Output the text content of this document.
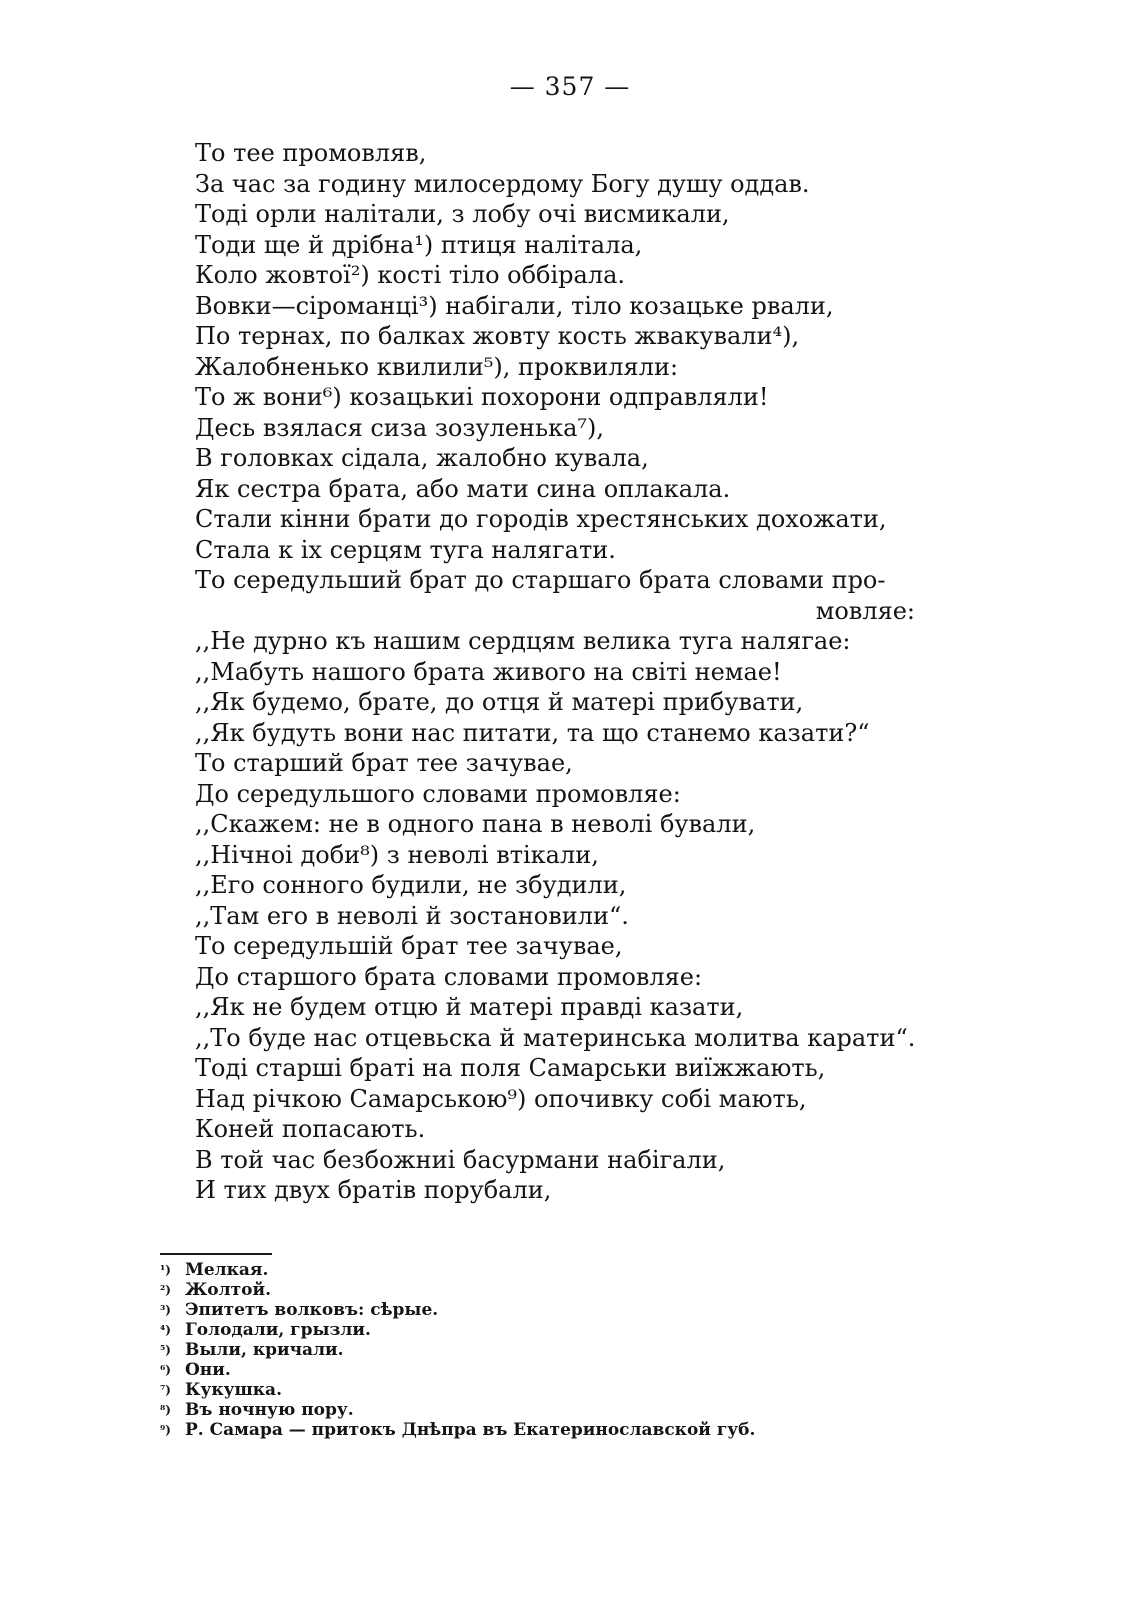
— 357 —
То тее промовляв,
За час за годину милосердому Богу душу оддав.
Тоді орли налітали, з лобу очі висмикали,
Тоди ще й дрібна¹) птиця налітала,
Коло жовтої²) кості тіло оббірала.
Вовки—сіроманці³) набігали, тіло козацьке рвали,
По тернах, по балках жовту кость жвакували⁴),
Жалобненько квилили⁵), проквиляли:
То ж вони⁶) козацькиі похорони одправляли!
Десь взялася сиза зозуленька⁷),
В головках сідала, жалобно кувала,
Як сестра брата, або мати сина оплакала.
Стали кінни брати до городів хрестянських дохожати,
Стала к іх серцям туга налягати.
То середульший брат до старшаго брата словами про-
мовляе:
,,Не дурно къ нашим сердцям велика туга налягае:
,,Мабуть нашого брата живого на світі немае!
,,Як будемо, брате, до отця й матері прибувати,
,,Як будуть вони нас питати, та що станемо казати?“
То старший брат тее зачувае,
До середульшого словами промовляе:
,,Скажем: не в одного пана в неволі бували,
,,Нічноі доби⁸) з неволі втікали,
,,Его сонного будили, не збудили,
,,Там его в неволі й зостановили“.
То середульшій брат тее зачувае,
До старшого брата словами промовляе:
,,Як не будем отцю й матері правді казати,
,,То буде нас отцевьска й материнська молитва карати“.
Тоді старші браті на поля Самарськи виїжжають,
Над річкою Самарською⁹) опочивку собі мають,
Коней попасають.
В той час безбожниі басурмани набігали,
И тих двух братів порубали,
¹) Мелкая.
²) Жолтой.
³) Эпитетъ волковъ: сѣрые.
⁴) Голодали, грызли.
⁵) Выли, кричали.
⁶) Они.
⁷) Кукушка.
⁸) Въ ночную пору.
⁹) Р. Самара — притокъ Днѣпра въ Екатеринославской губ.
